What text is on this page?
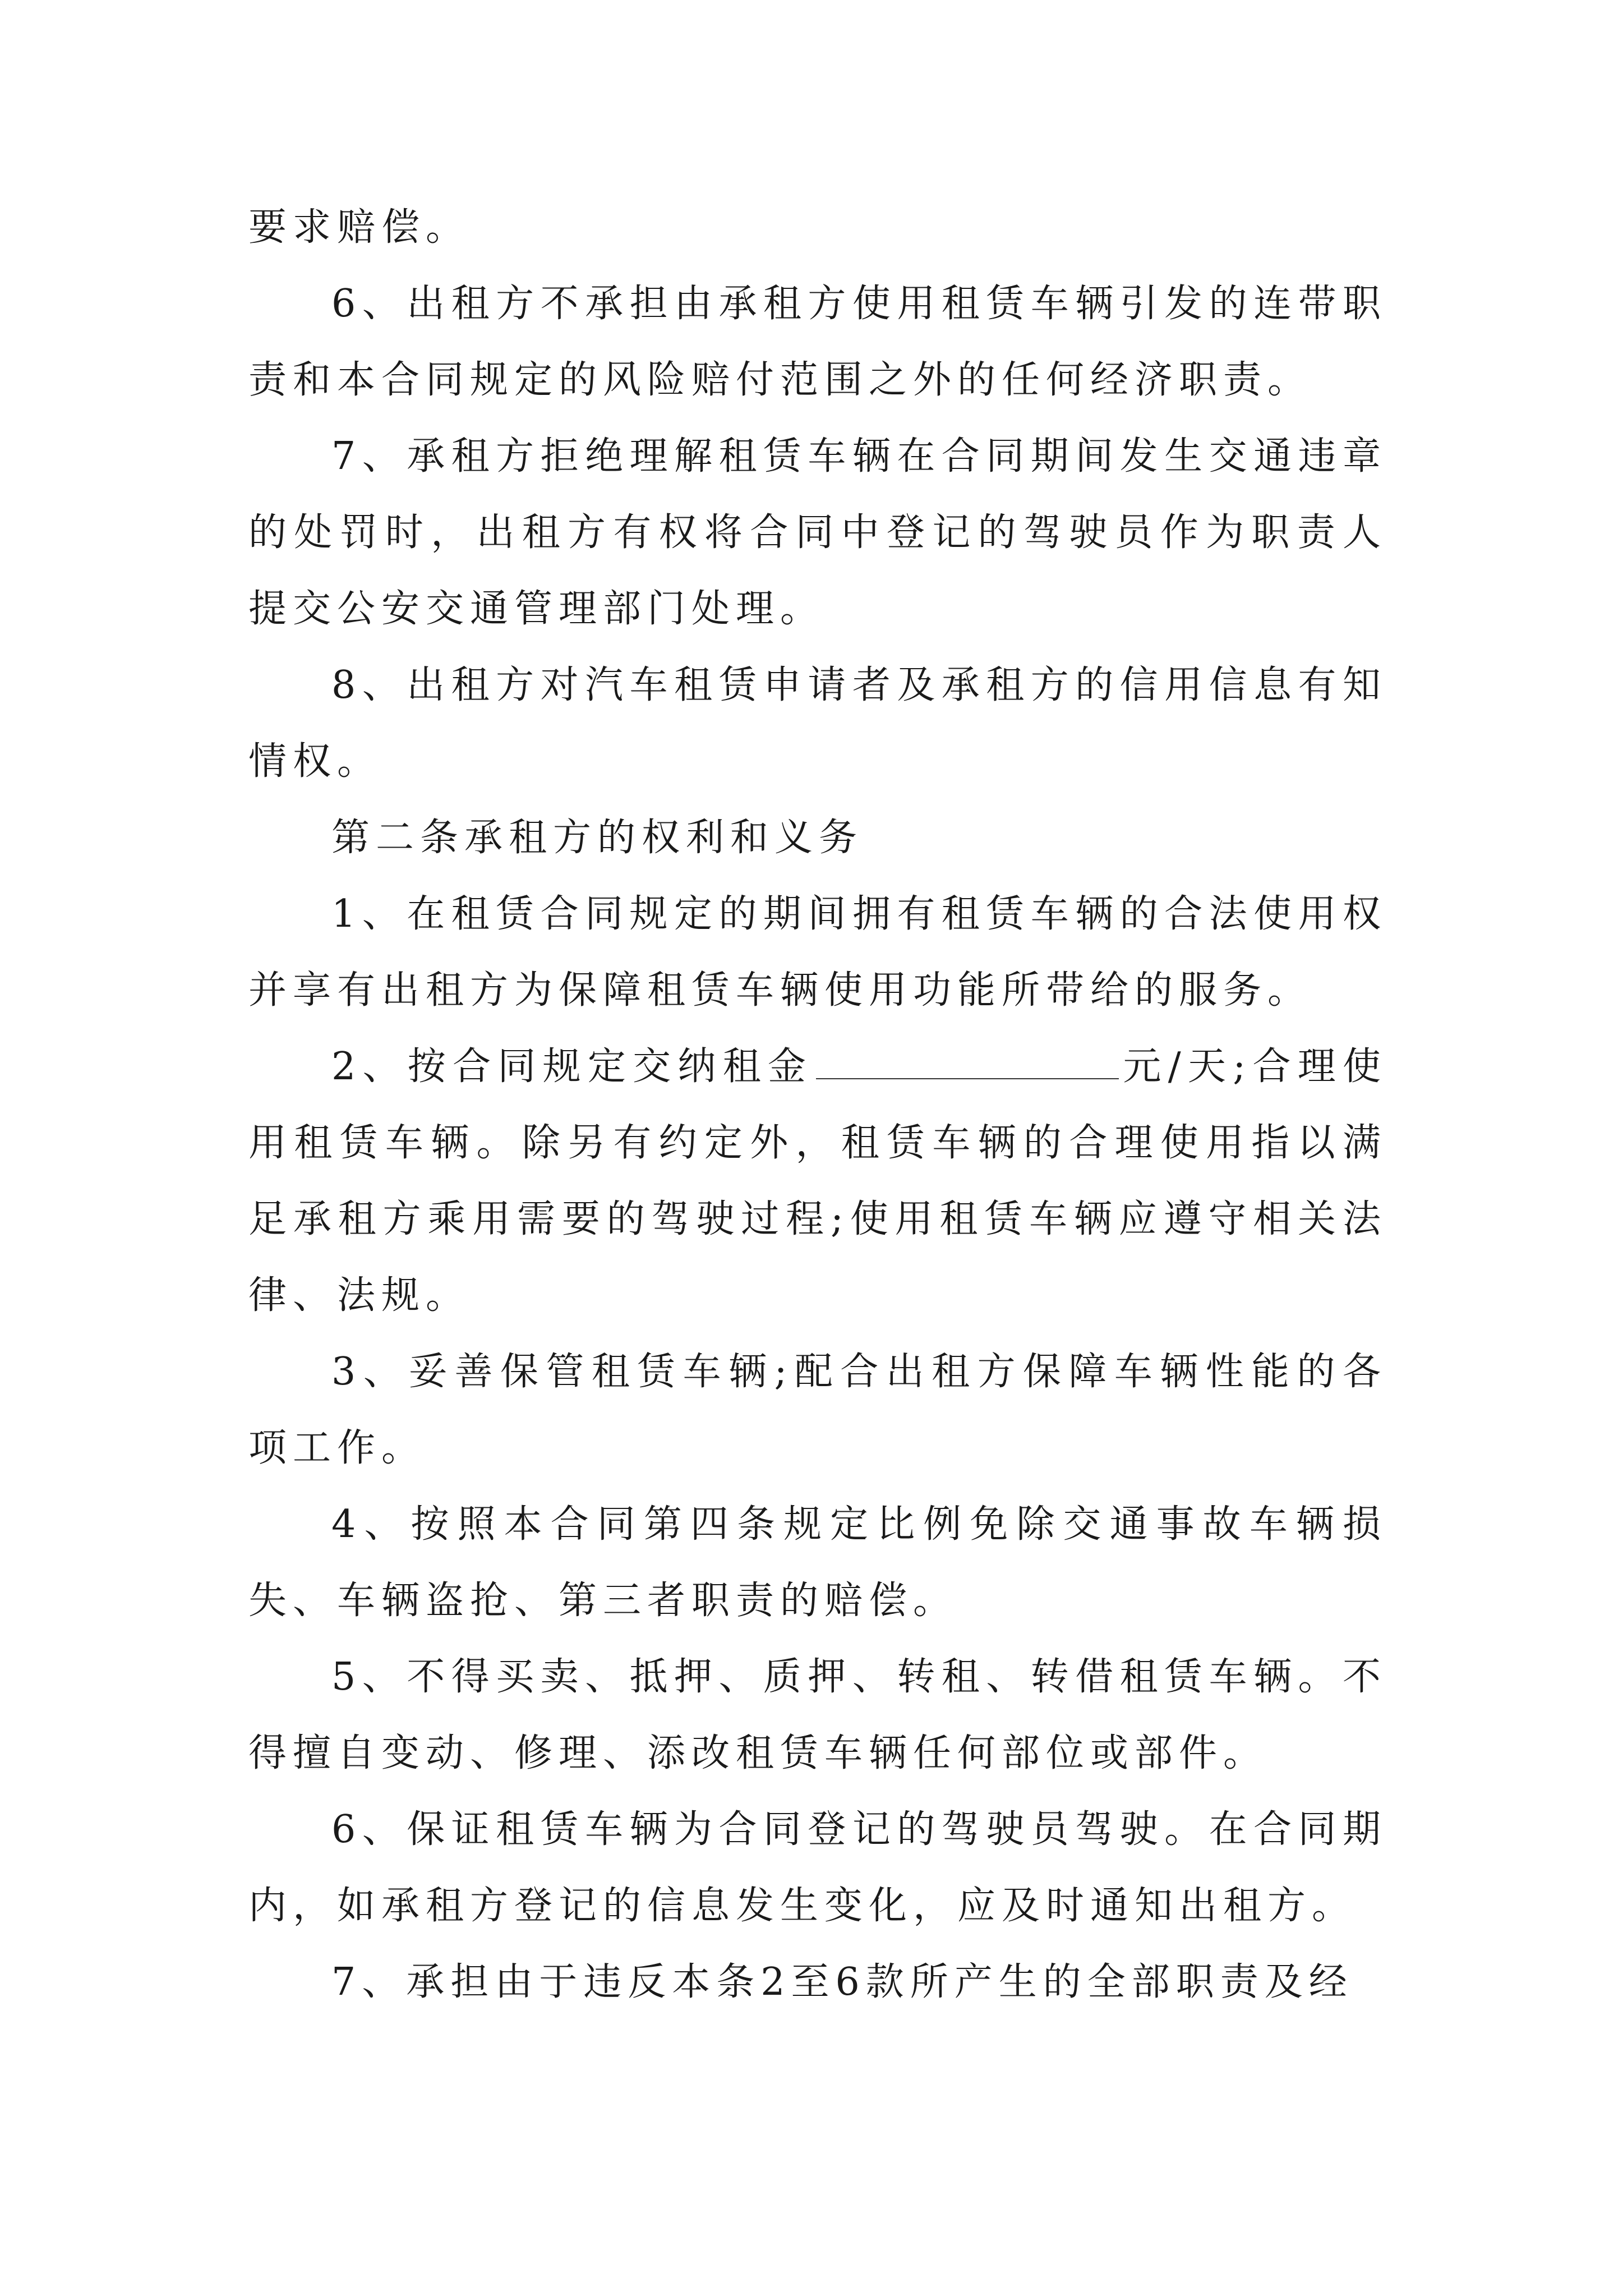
要求赔偿。

6、出租方不承担由承租方使用租赁车辆引发的连带职责和本合同规定的风险赔付范围之外的任何经济职责。

7、承租方拒绝理解租赁车辆在合同期间发生交通违章的处罚时，出租方有权将合同中登记的驾驶员作为职责人提交公安交通管理部门处理。

8、出租方对汽车租赁申请者及承租方的信用信息有知情权。

第二条承租方的权利和义务

1、在租赁合同规定的期间拥有租赁车辆的合法使用权并享有出租方为保障租赁车辆使用功能所带给的服务。

2、按合同规定交纳租金	元/天;合理使用租赁车辆。除另有约定外，租赁车辆的合理使用指以满足承租方乘用需要的驾驶过程;使用租赁车辆应遵守相关法律、法规。

3、妥善保管租赁车辆;配合出租方保障车辆性能的各项工作。

4、按照本合同第四条规定比例免除交通事故车辆损失、车辆盗抢、第三者职责的赔偿。

5、不得买卖、抵押、质押、转租、转借租赁车辆。不得擅自变动、修理、添改租赁车辆任何部位或部件。

6、保证租赁车辆为合同登记的驾驶员驾驶。在合同期内，如承租方登记的信息发生变化，应及时通知出租方。

7、承担由于违反本条2至6款所产生的全部职责及经
